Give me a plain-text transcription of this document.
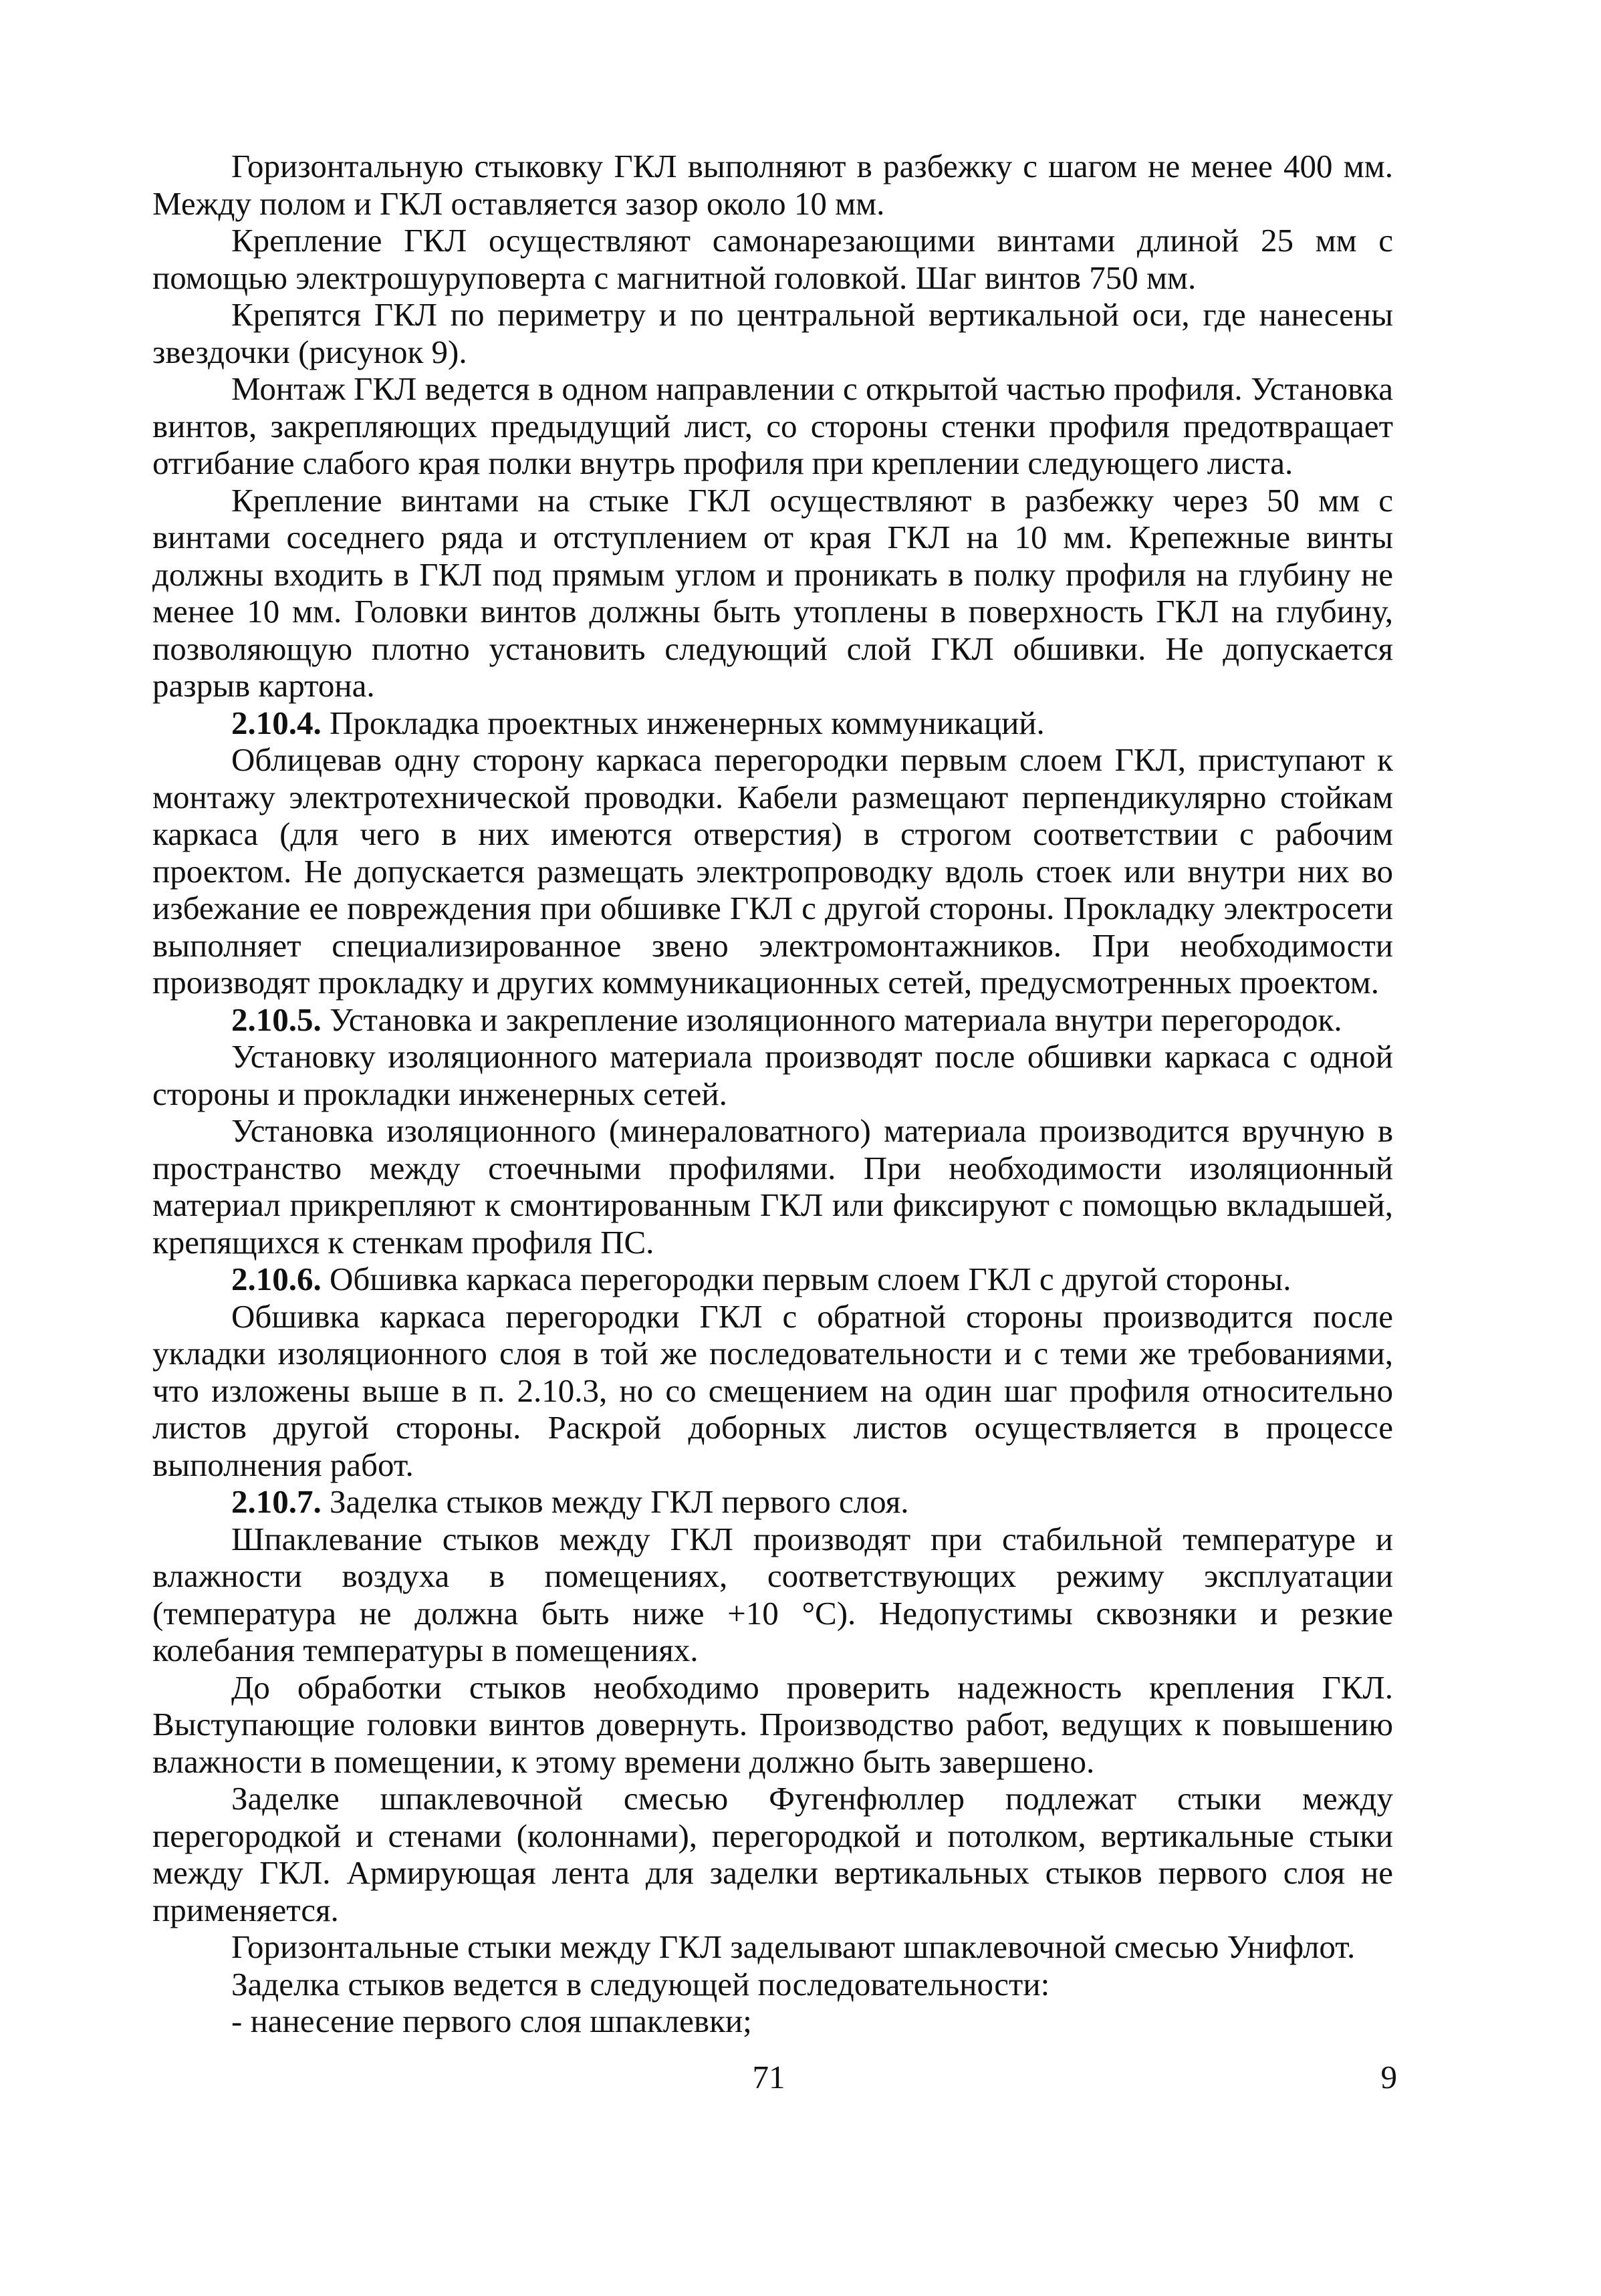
Горизонтальную стыковку ГКЛ выполняют в разбежку с шагом не менее 400 мм. Между полом и ГКЛ оставляется зазор около 10 мм.

Крепление ГКЛ осуществляют самонарезающими винтами длиной 25 мм с помощью электрошуруповерта с магнитной головкой. Шаг винтов 750 мм.

Крепятся ГКЛ по периметру и по центральной вертикальной оси, где нанесены звездочки (рисунок 9).

Монтаж ГКЛ ведется в одном направлении с открытой частью профиля. Установка винтов, закрепляющих предыдущий лист, со стороны стенки профиля предотвращает отгибание слабого края полки внутрь профиля при креплении следующего листа.

Крепление винтами на стыке ГКЛ осуществляют в разбежку через 50 мм с винтами соседнего ряда и отступлением от края ГКЛ на 10 мм. Крепежные винты должны входить в ГКЛ под прямым углом и проникать в полку профиля на глубину не менее 10 мм. Головки винтов должны быть утоплены в поверхность ГКЛ на глубину, позволяющую плотно установить следующий слой ГКЛ обшивки. Не допускается разрыв картона.

2.10.4. Прокладка проектных инженерных коммуникаций.

Облицевав одну сторону каркаса перегородки первым слоем ГКЛ, приступают к монтажу электротехнической проводки. Кабели размещают перпендикулярно стойкам каркаса (для чего в них имеются отверстия) в строгом соответствии с рабочим проектом. Не допускается размещать электропроводку вдоль стоек или внутри них во избежание ее повреждения при обшивке ГКЛ с другой стороны. Прокладку электросети выполняет специализированное звено электромонтажников. При необходимости производят прокладку и других коммуникационных сетей, предусмотренных проектом.

2.10.5. Установка и закрепление изоляционного материала внутри перегородок.

Установку изоляционного материала производят после обшивки каркаса с одной стороны и прокладки инженерных сетей.

Установка изоляционного (минераловатного) материала производится вручную в пространство между стоечными профилями. При необходимости изоляционный материал прикрепляют к смонтированным ГКЛ или фиксируют с помощью вкладышей, крепящихся к стенкам профиля ПС.

2.10.6. Обшивка каркаса перегородки первым слоем ГКЛ с другой стороны.

Обшивка каркаса перегородки ГКЛ с обратной стороны производится после укладки изоляционного слоя в той же последовательности и с теми же требованиями, что изложены выше в п. 2.10.3, но со смещением на один шаг профиля относительно листов другой стороны. Раскрой доборных листов осуществляется в процессе выполнения работ.

2.10.7. Заделка стыков между ГКЛ первого слоя.

Шпаклевание стыков между ГКЛ производят при стабильной температуре и влажности воздуха в помещениях, соответствующих режиму эксплуатации (температура не должна быть ниже +10 °С). Недопустимы сквозняки и резкие колебания температуры в помещениях.

До обработки стыков необходимо проверить надежность крепления ГКЛ. Выступающие головки винтов довернуть. Производство работ, ведущих к повышению влажности в помещении, к этому времени должно быть завершено.

Заделке шпаклевочной смесью Фугенфюллер подлежат стыки между перегородкой и стенами (колоннами), перегородкой и потолком, вертикальные стыки между ГКЛ. Армирующая лента для заделки вертикальных стыков первого слоя не применяется.

Горизонтальные стыки между ГКЛ заделывают шпаклевочной смесью Унифлот.

Заделка стыков ведется в следующей последовательности:

- нанесение первого слоя шпаклевки;

71	9
